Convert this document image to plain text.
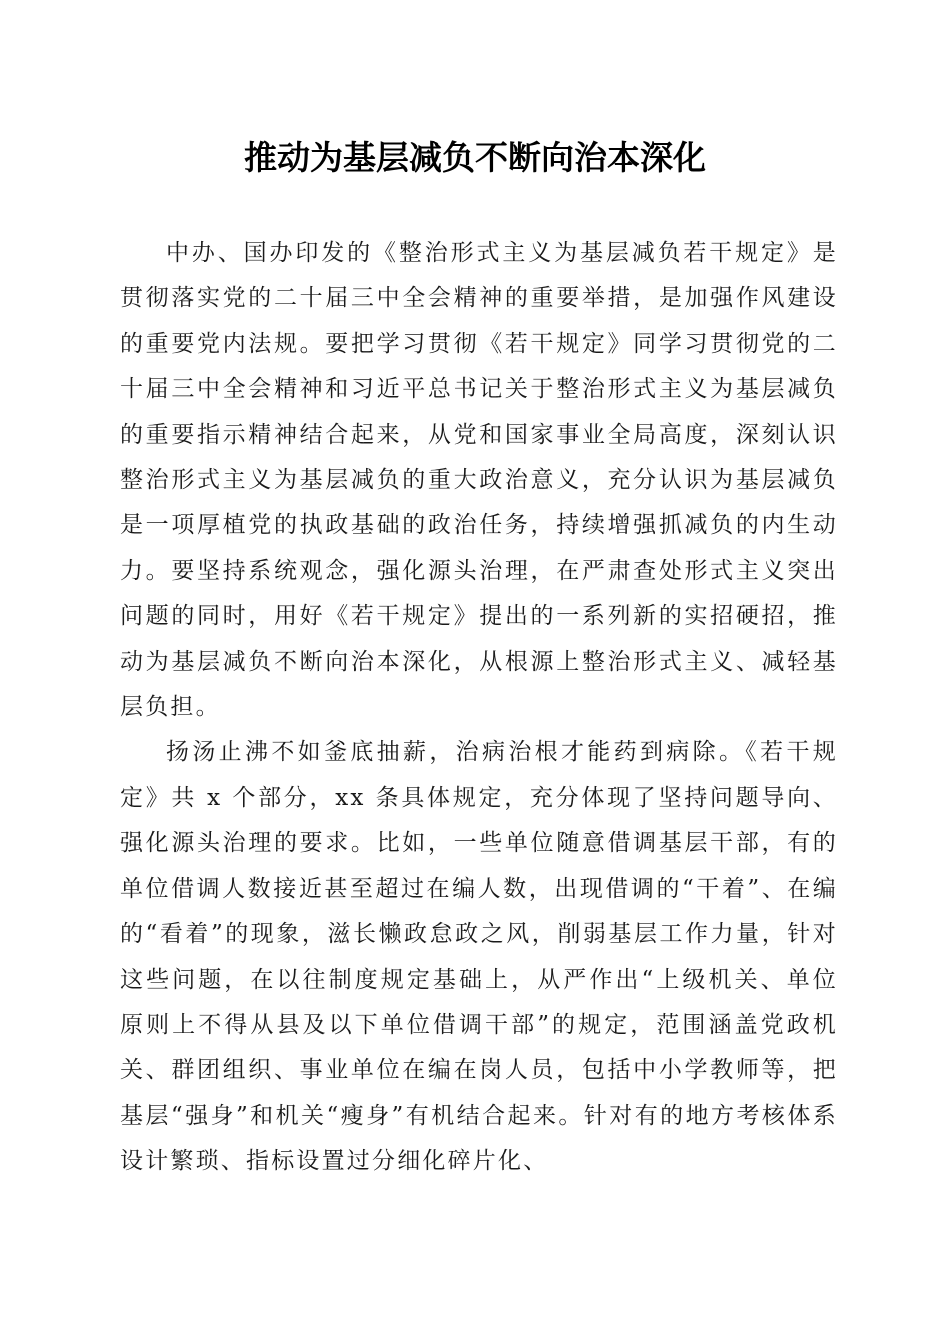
推动为基层减负不断向治本深化

中办、国办印发的《整治形式主义为基层减负若干规定》是贯彻落实党的二十届三中全会精神的重要举措，是加强作风建设的重要党内法规。要把学习贯彻《若干规定》同学习贯彻党的二十届三中全会精神和习近平总书记关于整治形式主义为基层减负的重要指示精神结合起来，从党和国家事业全局高度，深刻认识整治形式主义为基层减负的重大政治意义，充分认识为基层减负是一项厚植党的执政基础的政治任务，持续增强抓减负的内生动力。要坚持系统观念，强化源头治理，在严肃查处形式主义突出问题的同时，用好《若干规定》提出的一系列新的实招硬招，推动为基层减负不断向治本深化，从根源上整治形式主义、减轻基层负担。

扬汤止沸不如釜底抽薪，治病治根才能药到病除。《若干规定》共 x 个部分，xx 条具体规定，充分体现了坚持问题导向、强化源头治理的要求。比如，一些单位随意借调基层干部，有的单位借调人数接近甚至超过在编人数，出现借调的“干着”、在编的“看着”的现象，滋长懒政怠政之风，削弱基层工作力量，针对这些问题，在以往制度规定基础上，从严作出“上级机关、单位原则上不得从县及以下单位借调干部”的规定，范围涵盖党政机关、群团组织、事业单位在编在岗人员，包括中小学教师等，把基层“强身”和机关“瘦身”有机结合起来。针对有的地方考核体系设计繁琐、指标设置过分细化碎片化、
